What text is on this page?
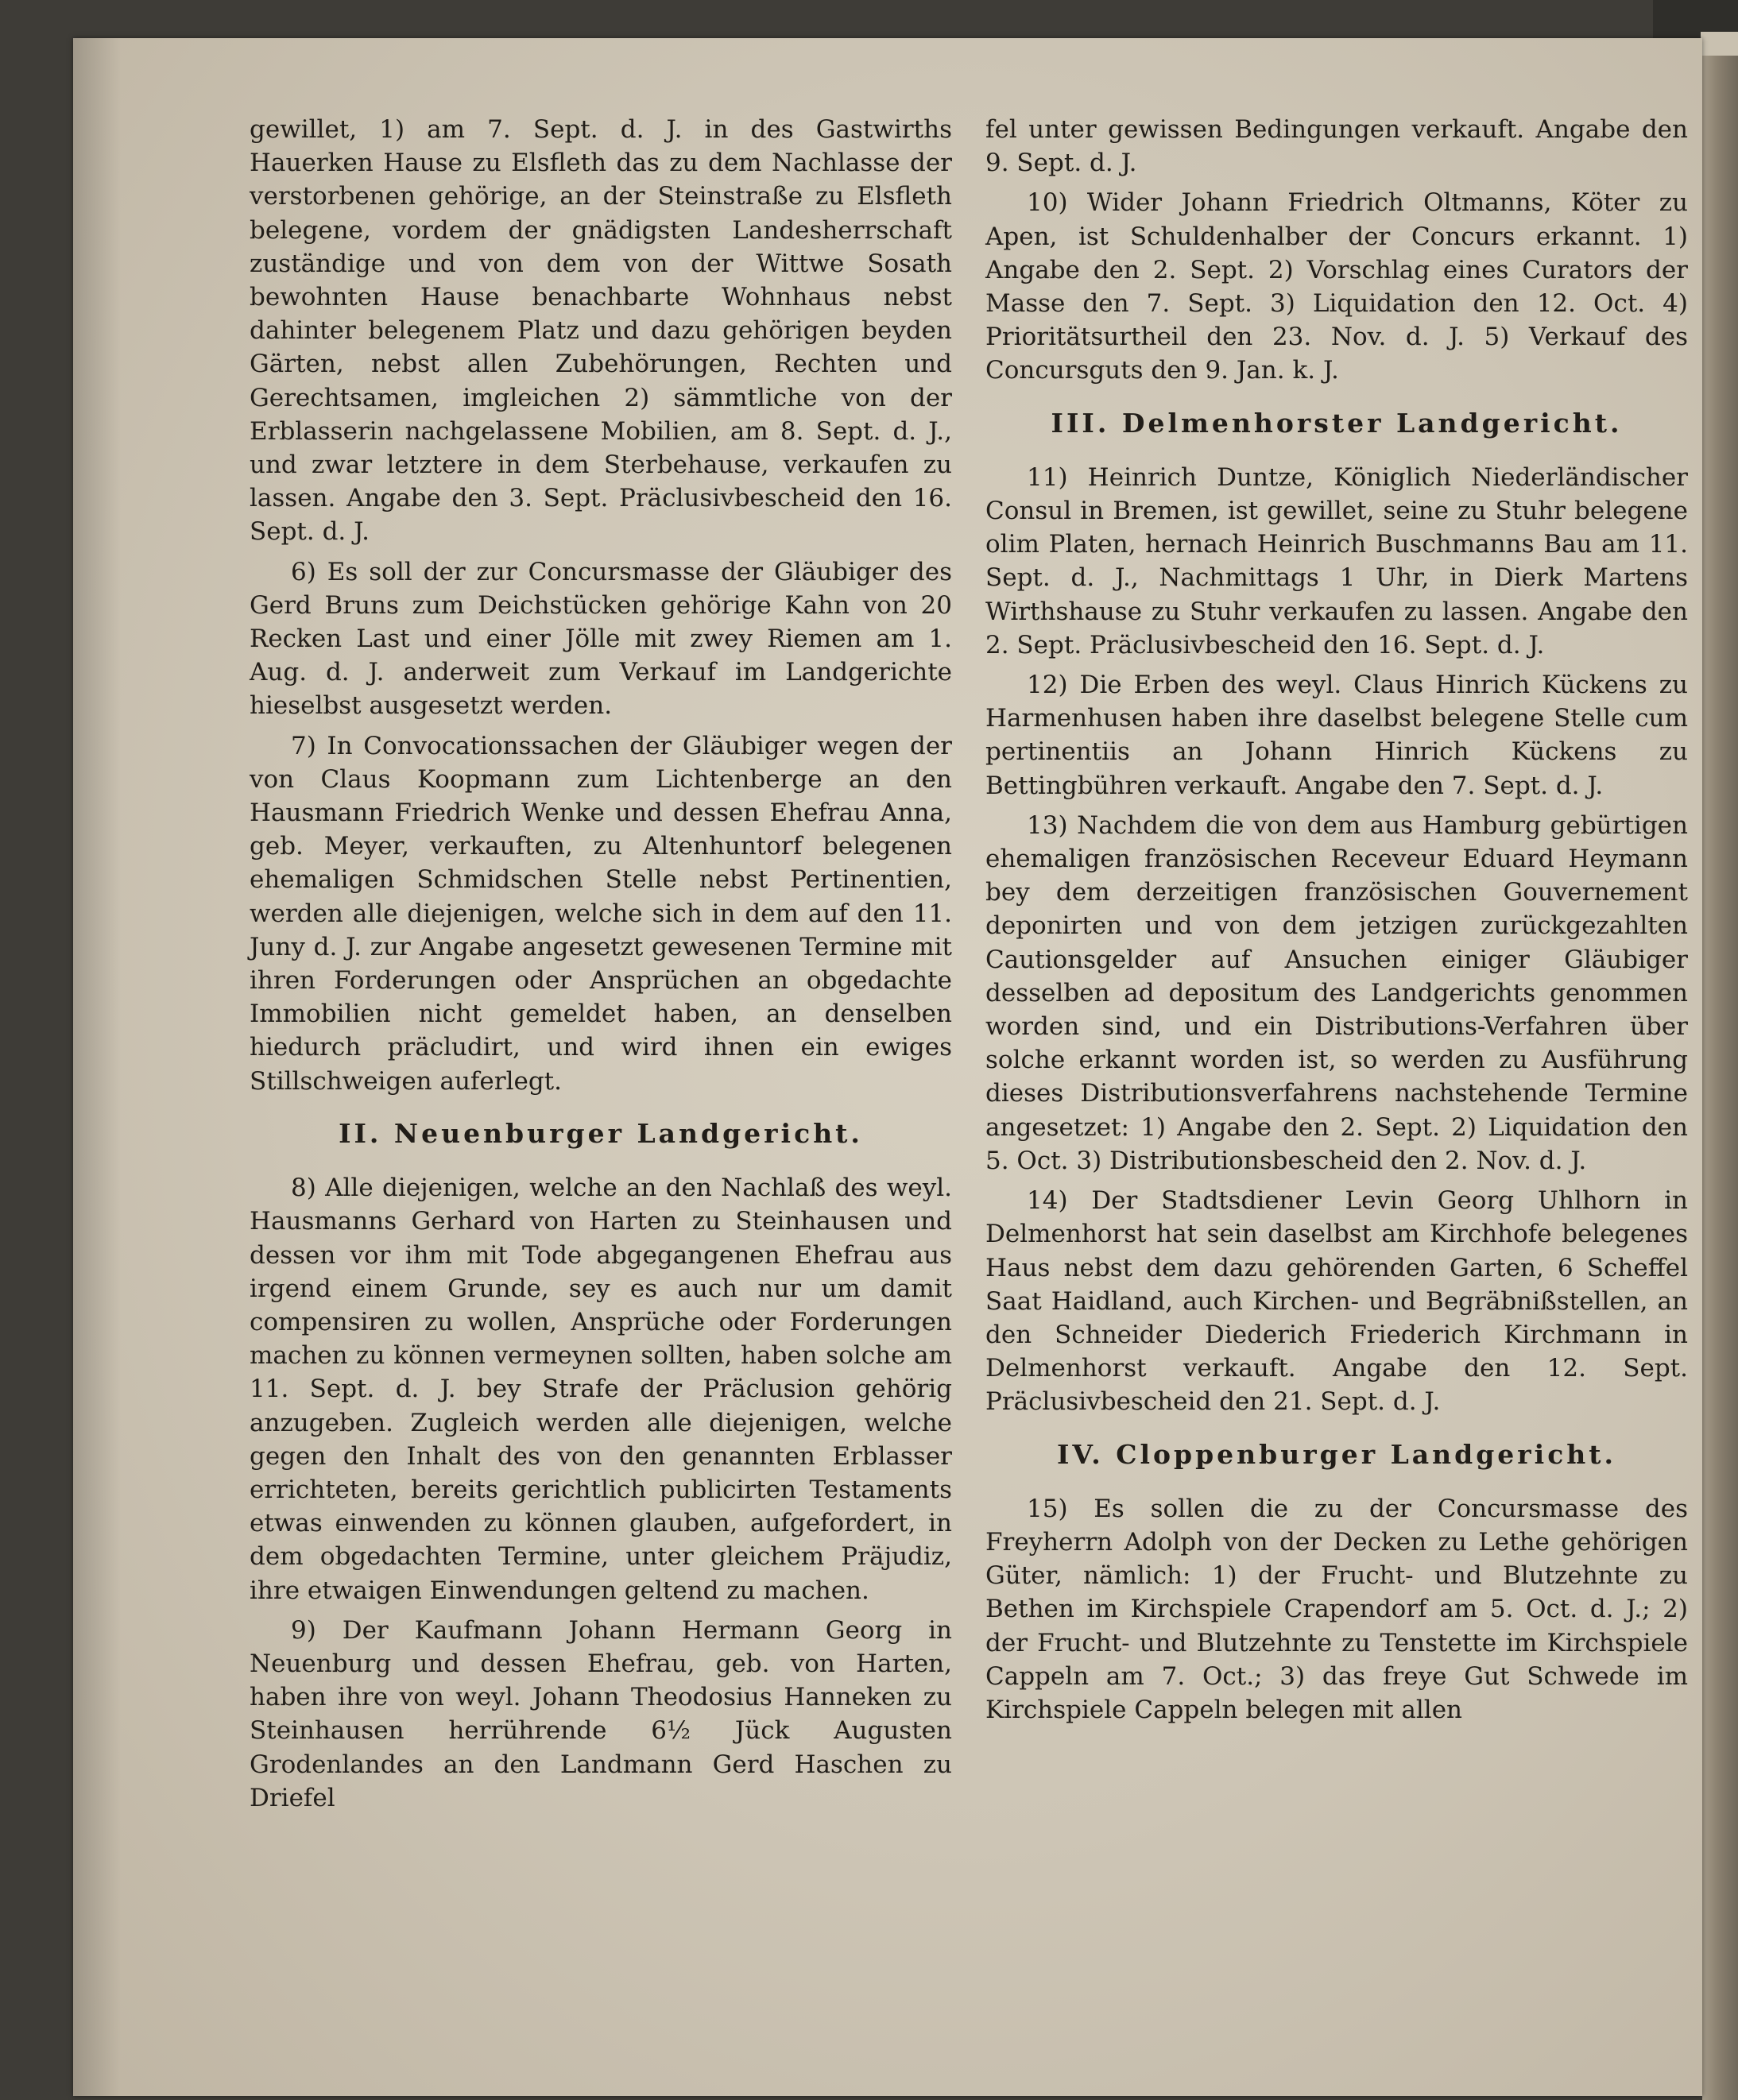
gewillet, 1) am 7. Sept. d. J. in des Gastwirths Hauerken Hause zu Elsfleth das zu dem Nachlasse der verstorbenen gehörige, an der Steinstraße zu Elsfleth belegene, vordem der gnädigsten Landesherrschaft zuständige und von dem von der Wittwe Sosath bewohnten Hause benachbarte Wohnhaus nebst dahinter belegenem Platz und dazu gehörigen beyden Gärten, nebst allen Zubehörungen, Rechten und Gerechtsamen, imgleichen 2) sämmtliche von der Erblasserin nachgelassene Mobilien, am 8. Sept. d. J., und zwar letztere in dem Sterbehause, verkaufen zu lassen. Angabe den 3. Sept. Präclusivbescheid den 16. Sept. d. J.

6) Es soll der zur Concursmasse der Gläubiger des Gerd Bruns zum Deichstücken gehörige Kahn von 20 Recken Last und einer Jölle mit zwey Riemen am 1. Aug. d. J. anderweit zum Verkauf im Landgerichte hieselbst ausgesetzt werden.

7) In Convocationssachen der Gläubiger wegen der von Claus Koopmann zum Lichtenberge an den Hausmann Friedrich Wenke und dessen Ehefrau Anna, geb. Meyer, verkauften, zu Altenhuntorf belegenen ehemaligen Schmidschen Stelle nebst Pertinentien, werden alle diejenigen, welche sich in dem auf den 11. Juny d. J. zur Angabe angesetzt gewesenen Termine mit ihren Forderungen oder Ansprüchen an obgedachte Immobilien nicht gemeldet haben, an denselben hiedurch präcludirt, und wird ihnen ein ewiges Stillschweigen auferlegt.

II. Neuenburger Landgericht.

8) Alle diejenigen, welche an den Nachlaß des weyl. Hausmanns Gerhard von Harten zu Steinhausen und dessen vor ihm mit Tode abgegangenen Ehefrau aus irgend einem Grunde, sey es auch nur um damit compensiren zu wollen, Ansprüche oder Forderungen machen zu können vermeynen sollten, haben solche am 11. Sept. d. J. bey Strafe der Präclusion gehörig anzugeben. Zugleich werden alle diejenigen, welche gegen den Inhalt des von den genannten Erblasser errichteten, bereits gerichtlich publicirten Testaments etwas einwenden zu können glauben, aufgefordert, in dem obgedachten Termine, unter gleichem Präjudiz, ihre etwaigen Einwendungen geltend zu machen.

9) Der Kaufmann Johann Hermann Georg in Neuenburg und dessen Ehefrau, geb. von Harten, haben ihre von weyl. Johann Theodosius Hanneken zu Steinhausen herrührende 6½ Jück Augusten Grodenlandes an den Landmann Gerd Haschen zu Driefel

fel unter gewissen Bedingungen verkauft. Angabe den 9. Sept. d. J.

10) Wider Johann Friedrich Oltmanns, Köter zu Apen, ist Schuldenhalber der Concurs erkannt. 1) Angabe den 2. Sept. 2) Vorschlag eines Curators der Masse den 7. Sept. 3) Liquidation den 12. Oct. 4) Prioritätsurtheil den 23. Nov. d. J. 5) Verkauf des Concursguts den 9. Jan. k. J.

III. Delmenhorster Landgericht.

11) Heinrich Duntze, Königlich Niederländischer Consul in Bremen, ist gewillet, seine zu Stuhr belegene olim Platen, hernach Heinrich Buschmanns Bau am 11. Sept. d. J., Nachmittags 1 Uhr, in Dierk Martens Wirthshause zu Stuhr verkaufen zu lassen. Angabe den 2. Sept. Präclusivbescheid den 16. Sept. d. J.

12) Die Erben des weyl. Claus Hinrich Kückens zu Harmenhusen haben ihre daselbst belegene Stelle cum pertinentiis an Johann Hinrich Kückens zu Bettingbühren verkauft. Angabe den 7. Sept. d. J.

13) Nachdem die von dem aus Hamburg gebürtigen ehemaligen französischen Receveur Eduard Heymann bey dem derzeitigen französischen Gouvernement deponirten und von dem jetzigen zurückgezahlten Cautionsgelder auf Ansuchen einiger Gläubiger desselben ad depositum des Landgerichts genommen worden sind, und ein Distributions-Verfahren über solche erkannt worden ist, so werden zu Ausführung dieses Distributionsverfahrens nachstehende Termine angesetzet: 1) Angabe den 2. Sept. 2) Liquidation den 5. Oct. 3) Distributionsbescheid den 2. Nov. d. J.

14) Der Stadtsdiener Levin Georg Uhlhorn in Delmenhorst hat sein daselbst am Kirchhofe belegenes Haus nebst dem dazu gehörenden Garten, 6 Scheffel Saat Haidland, auch Kirchen- und Begräbnißstellen, an den Schneider Diederich Friederich Kirchmann in Delmenhorst verkauft. Angabe den 12. Sept. Präclusivbescheid den 21. Sept. d. J.

IV. Cloppenburger Landgericht.

15) Es sollen die zu der Concursmasse des Freyherrn Adolph von der Decken zu Lethe gehörigen Güter, nämlich: 1) der Frucht- und Blutzehnte zu Bethen im Kirchspiele Crapendorf am 5. Oct. d. J.; 2) der Frucht- und Blutzehnte zu Tenstette im Kirchspiele Cappeln am 7. Oct.; 3) das freye Gut Schwede im Kirchspiele Cappeln belegen mit allen
